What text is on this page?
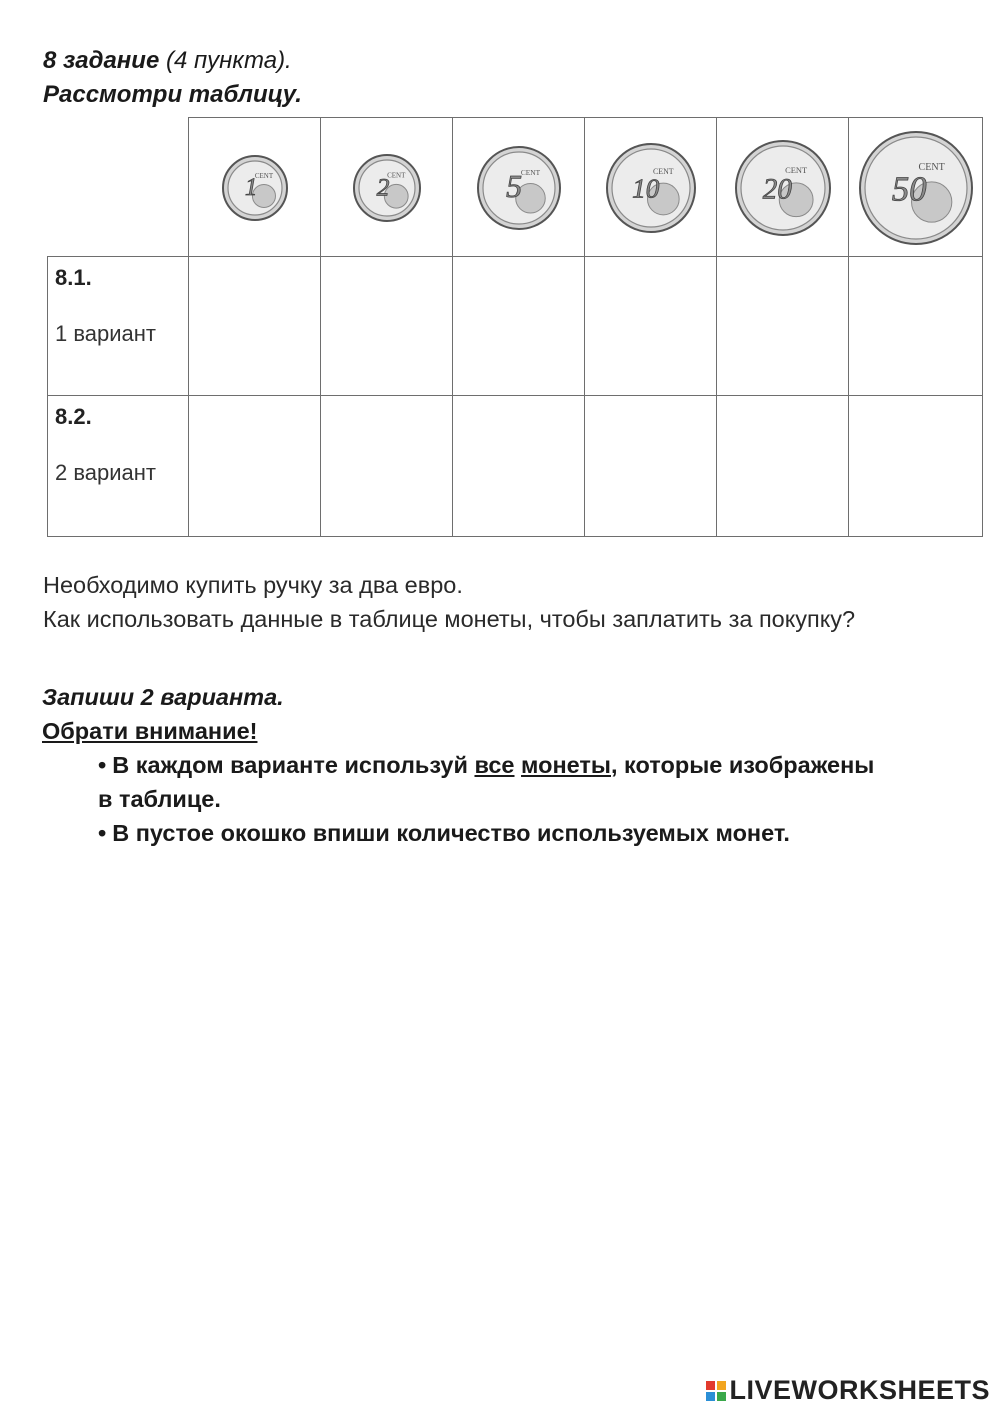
8 задание (4 пункта).
Рассмотри таблицу.
1
CENT	2
CENT	5
CENT
10
CENT
20
CENT 50
CENT
8.1.
1 вариант
8.2.
2 вариант
Необходимо купить ручку за два евро.
Как использовать данные в таблице монеты, чтобы заплатить за покупку?
Запиши 2 варианта.
Обрати внимание!
• В каждом варианте используй все монеты, которые изображены
в таблице.
• В пустое окошко впиши количество используемых монет.
LIVEWORKSHEETS
